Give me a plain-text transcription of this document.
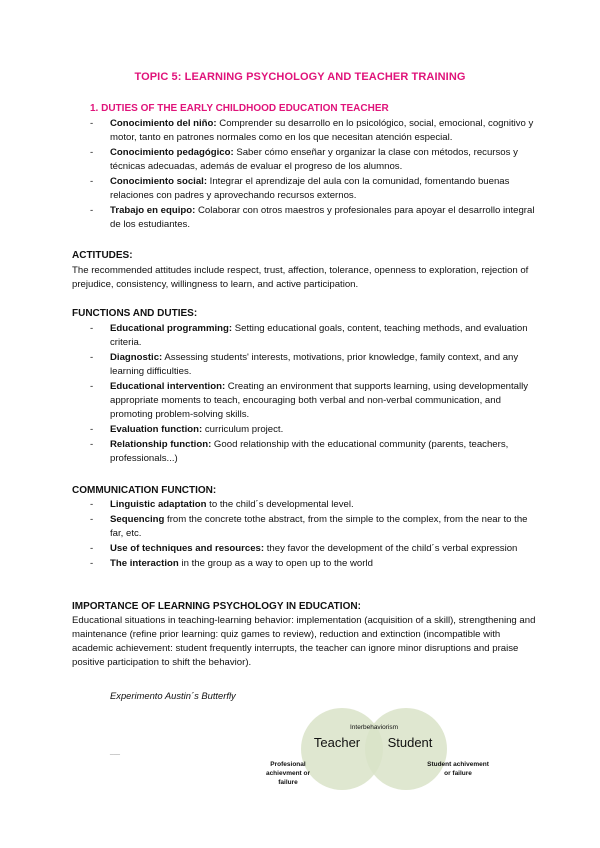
TOPIC 5: LEARNING PSYCHOLOGY AND TEACHER TRAINING
1. DUTIES OF THE EARLY CHILDHOOD EDUCATION TEACHER
- Conocimiento del niño: Comprender su desarrollo en lo psicológico, social, emocional, cognitivo y motor, tanto en patrones normales como en los que necesitan atención especial.
- Conocimiento pedagógico: Saber cómo enseñar y organizar la clase con métodos, recursos y técnicas adecuadas, además de evaluar el progreso de los alumnos.
- Conocimiento social: Integrar el aprendizaje del aula con la comunidad, fomentando buenas relaciones con padres y aprovechando recursos externos.
- Trabajo en equipo: Colaborar con otros maestros y profesionales para apoyar el desarrollo integral de los estudiantes.
ACTITUDES:
The recommended attitudes include respect, trust, affection, tolerance, openness to exploration, rejection of prejudice, consistency, willingness to learn, and active participation.
FUNCTIONS AND DUTIES:
- Educational programming: Setting educational goals, content, teaching methods, and evaluation criteria.
- Diagnostic: Assessing students' interests, motivations, prior knowledge, family context, and any learning difficulties.
- Educational intervention: Creating an environment that supports learning, using developmentally appropriate moments to teach, encouraging both verbal and non-verbal communication, and promoting problem-solving skills.
- Evaluation function: curriculum project.
- Relationship function: Good relationship with the educational community (parents, teachers, professionals...)
COMMUNICATION FUNCTION:
- Linguistic adaptation to the child´s developmental level.
- Sequencing from the concrete tothe abstract, from the simple to the complex, from the near to the far, etc.
- Use of techniques and resources: they favor the development of the child´s verbal expression
- The interaction in the group as a way to open up to the world
IMPORTANCE OF LEARNING PSYCHOLOGY IN EDUCATION:
Educational situations in teaching-learning behavior: implementation (acquisition of a skill), strengthening and maintenance (refine prior learning: quiz games to review), reduction and extinction (incompatible with academic achievement: student frequently interrupts, the teacher can ignore minor disruptions and praise positive participation to shift the behavior).
Experimento Austin´s Butterfly
___
Interbehaviorism
Teacher Student
Profesional
achievment or
failure
Student achivement
or failure
